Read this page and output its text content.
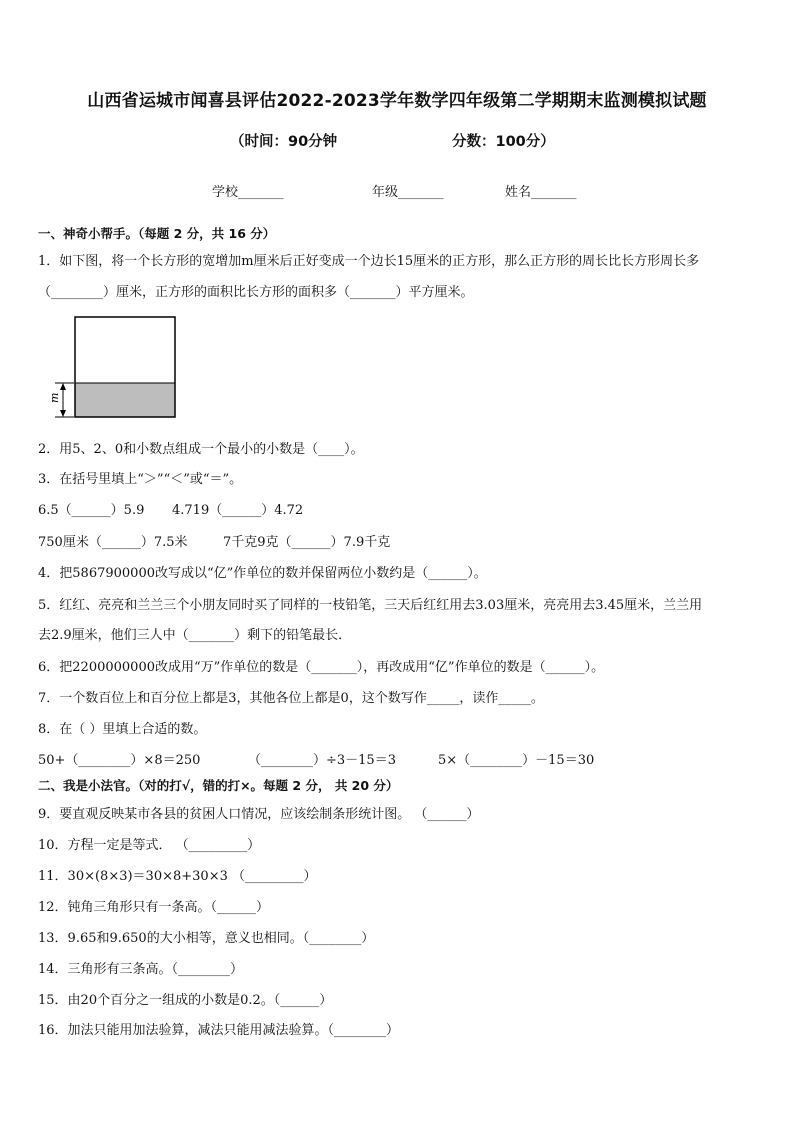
山西省运城市闻喜县评估2022-2023学年数学四年级第二学期期末监测模拟试题
（时间：90分钟	分数：100分）
学校_______	年级_______	姓名_______
一、神奇小帮手。（每题 2 分，共 16 分）
1．如下图，将一个长方形的宽增加m厘米后正好变成一个边长15厘米的正方形，那么正方形的周长比长方形周长多
（________）厘米，正方形的面积比长方形的面积多（_______）平方厘米。
m
2．用5、2、0和小数点组成一个最小的小数是（____）。
3．在括号里填上“＞”“＜”或“＝”。
6.5（______）5.9 4.719（______）4.72
750厘米（______）7.5米	7千克9克（______）7.9千克
4．把5867900000改写成以“亿”作单位的数并保留两位小数约是（______）。
5．红红、亮亮和兰兰三个小朋友同时买了同样的一枝铅笔，三天后红红用去3.03厘米，亮亮用去3.45厘米，兰兰用
去2.9厘米，他们三人中（_______）剩下的铅笔最长．
6．把2200000000改成用“万”作单位的数是（_______），再改成用“亿”作单位的数是（______）。
7．一个数百位上和百分位上都是3，其他各位上都是0，这个数写作_____，读作_____。
8．在（ ）里填上合适的数。
50+（________）×8＝250	（________）÷3－15＝3	5×（________）－15＝30
二、我是小法官。（对的打√，错的打×。每题 2 分， 共 20 分）
9．要直观反映某市各县的贫困人口情况，应该绘制条形统计图。 （______）
10．方程一定是等式． （_________）
11．30×(8×3)＝30×8+30×3 （_________）
12．钝角三角形只有一条高。（______）
13．9.65和9.650的大小相等，意义也相同。（________）
14．三角形有三条高。（________）
15．由20个百分之一组成的小数是0.2。（______）
16．加法只能用加法验算，减法只能用减法验算。（________）
